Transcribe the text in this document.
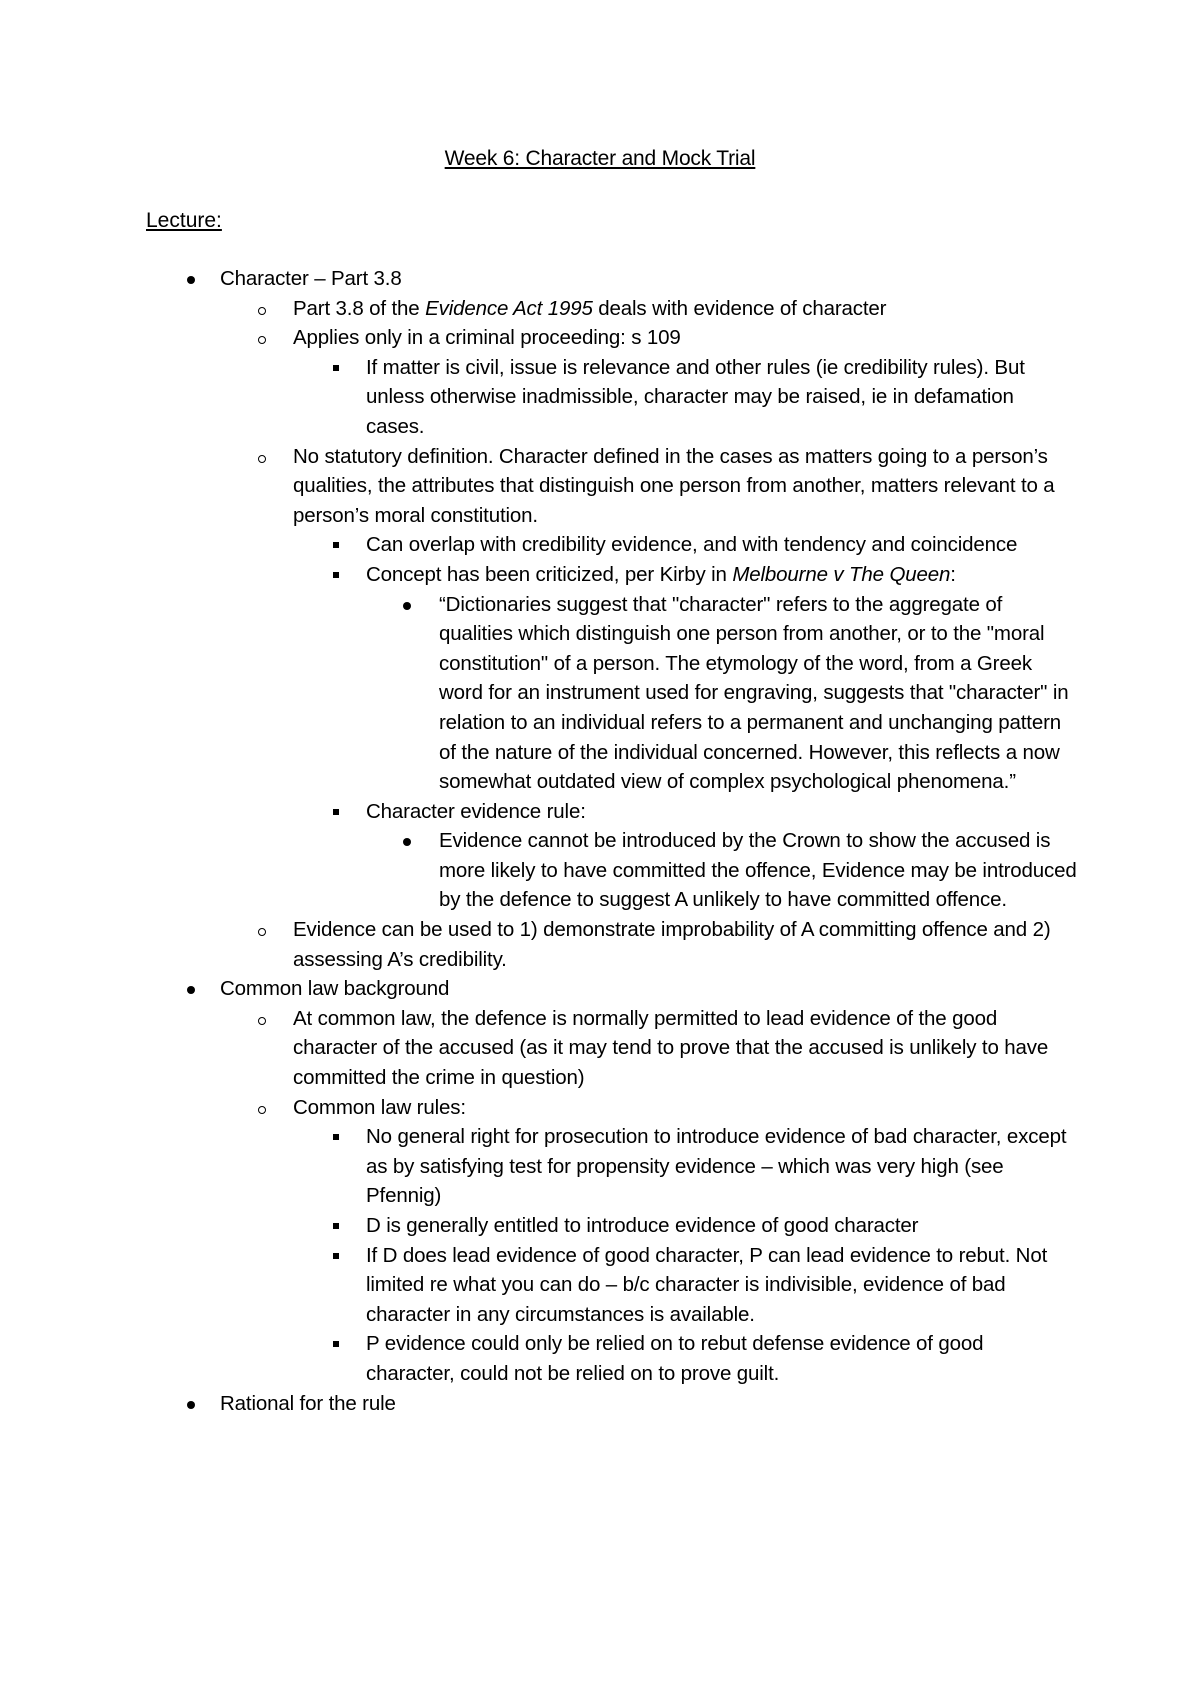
Week 6: Character and Mock Trial
Lecture:
Character – Part 3.8
Part 3.8 of the Evidence Act 1995 deals with evidence of character
Applies only in a criminal proceeding: s 109
If matter is civil, issue is relevance and other rules (ie credibility rules). But unless otherwise inadmissible, character may be raised, ie in defamation cases.
No statutory definition. Character defined in the cases as matters going to a person’s qualities, the attributes that distinguish one person from another, matters relevant to a person’s moral constitution.
Can overlap with credibility evidence, and with tendency and coincidence
Concept has been criticized, per Kirby in Melbourne v The Queen:
“Dictionaries suggest that "character" refers to the aggregate of qualities which distinguish one person from another, or to the "moral constitution" of a person. The etymology of the word, from a Greek word for an instrument used for engraving, suggests that "character" in relation to an individual refers to a permanent and unchanging pattern of the nature of the individual concerned. However, this reflects a now somewhat outdated view of complex psychological phenomena.”
Character evidence rule:
Evidence cannot be introduced by the Crown to show the accused is more likely to have committed the offence, Evidence may be introduced by the defence to suggest A unlikely to have committed offence.
Evidence can be used to 1) demonstrate improbability of A committing offence and 2) assessing A’s credibility.
Common law background
At common law, the defence is normally permitted to lead evidence of the good character of the accused (as it may tend to prove that the accused is unlikely to have committed the crime in question)
Common law rules:
No general right for prosecution to introduce evidence of bad character, except as by satisfying test for propensity evidence – which was very high (see Pfennig)
D is generally entitled to introduce evidence of good character
If D does lead evidence of good character, P can lead evidence to rebut. Not limited re what you can do – b/c character is indivisible, evidence of bad character in any circumstances is available.
P evidence could only be relied on to rebut defense evidence of good character, could not be relied on to prove guilt.
Rational for the rule
